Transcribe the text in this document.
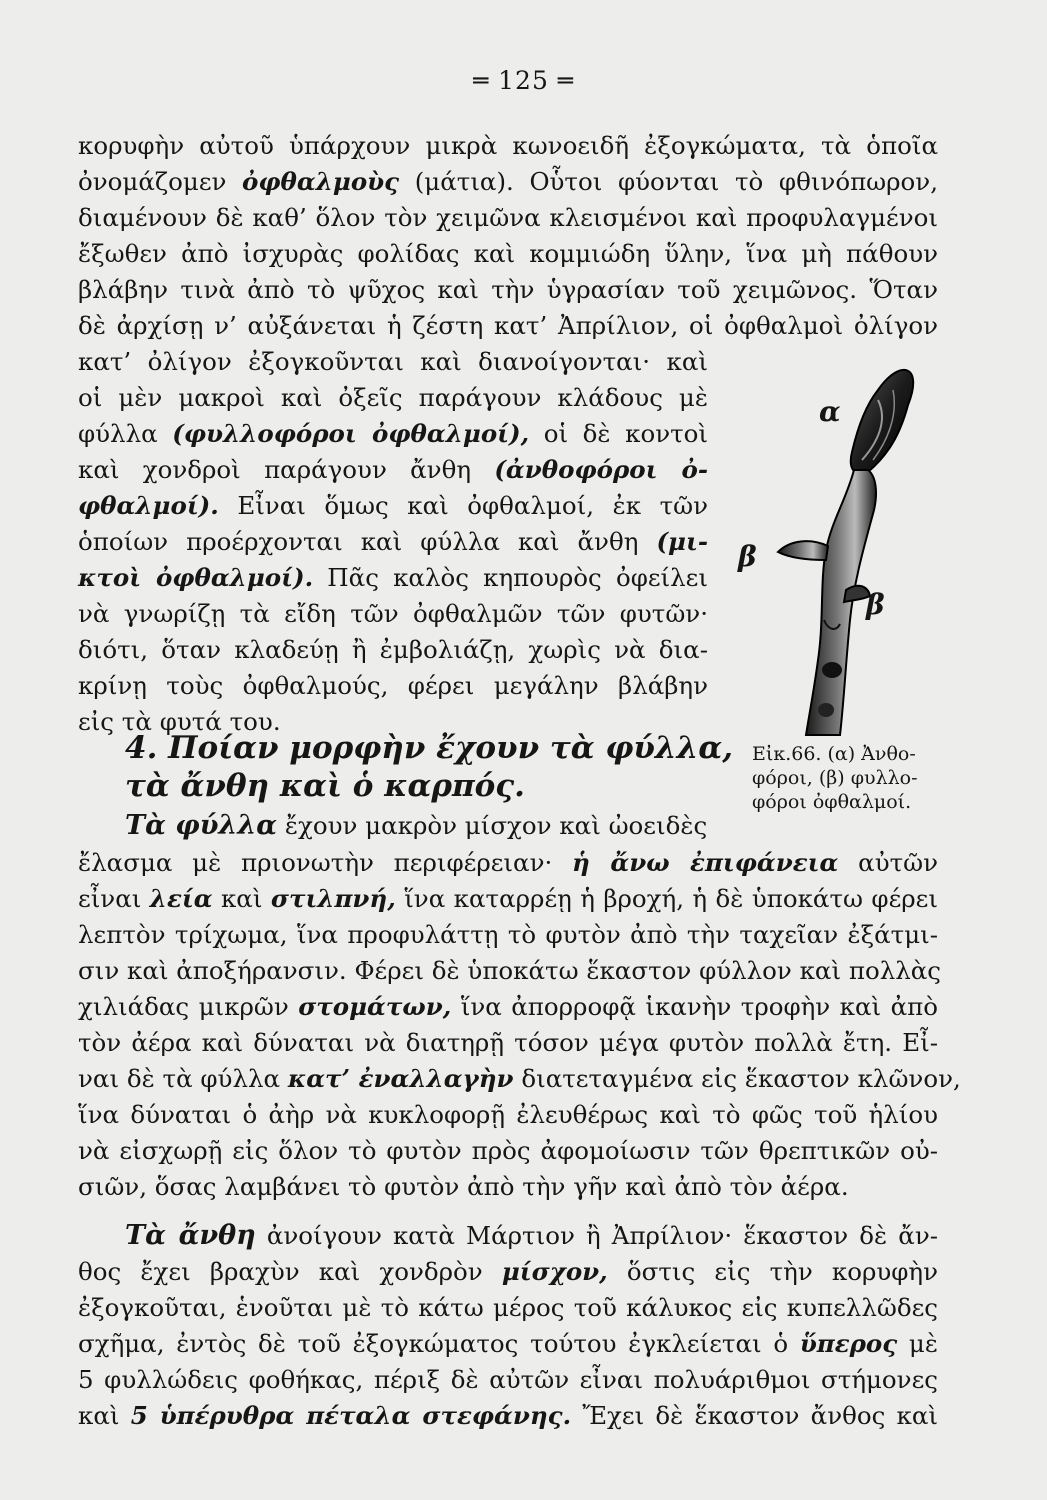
═ 125 ═
κορυφὴν αὐτοῦ ὑπάρχουν μικρὰ κωνοειδῆ ἐξογκώματα, τὰ ὁποῖα
ὀνομάζομεν ὀφθαλμοὺς (μάτια). Οὗτοι φύονται τὸ φθινόπωρον,
διαμένουν δὲ καθ’ ὅλον τὸν χειμῶνα κλεισμένοι καὶ προφυλαγμένοι
ἔξωθεν ἀπὸ ἰσχυρὰς φολίδας καὶ κομμιώδη ὕλην, ἵνα μὴ πάθουν
βλάβην τινὰ ἀπὸ τὸ ψῦχος καὶ τὴν ὑγρασίαν τοῦ χειμῶνος. Ὅταν
δὲ ἀρχίσῃ ν’ αὐξάνεται ἡ ζέστη κατ’ Ἀπρίλιον, οἱ ὀφθαλμοὶ ὀλίγον
κατ’ ὀλίγον ἐξογκοῦνται καὶ διανοίγονται· καὶ
οἱ μὲν μακροὶ καὶ ὀξεῖς παράγουν κλάδους μὲ
φύλλα (φυλλοφόροι ὀφθαλμοί), οἱ δὲ κοντοὶ
καὶ χονδροὶ παράγουν ἄνθη (ἀνθοφόροι ὀ-
φθαλμοί). Εἶναι ὅμως καὶ ὀφθαλμοί, ἐκ τῶν
ὁποίων προέρχονται καὶ φύλλα καὶ ἄνθη (μι-
κτοὶ ὀφθαλμοί). Πᾶς καλὸς κηπουρὸς ὀφείλει
νὰ γνωρίζῃ τὰ εἴδη τῶν ὀφθαλμῶν τῶν φυτῶν·
διότι, ὅταν κλαδεύῃ ἢ ἐμβολιάζῃ, χωρὶς νὰ δια-
κρίνῃ τοὺς ὀφθαλμούς, φέρει μεγάλην βλάβην
εἰς τὰ φυτά του.
α
β
β
Εἰκ.66. (α) Ἀνθο-
φόροι, (β) φυλλο-
φόροι ὀφθαλμοί.
4. Ποίαν μορφὴν ἔχουν τὰ φύλλα,
τὰ ἄνθη καὶ ὁ καρπός.
Τὰ φύλλα ἔχουν μακρὸν μίσχον καὶ ὠοειδὲς
ἔλασμα μὲ πριονωτὴν περιφέρειαν· ἡ ἄνω ἐπιφάνεια αὐτῶν
εἶναι λεία καὶ στιλπνή, ἵνα καταρρέῃ ἡ βροχή, ἡ δὲ ὑποκάτω φέρει
λεπτὸν τρίχωμα, ἵνα προφυλάττῃ τὸ φυτὸν ἀπὸ τὴν ταχεῖαν ἐξάτμι-
σιν καὶ ἀποξήρανσιν. Φέρει δὲ ὑποκάτω ἕκαστον φύλλον καὶ πολλὰς
χιλιάδας μικρῶν στομάτων, ἵνα ἀπορροφᾷ ἱκανὴν τροφὴν καὶ ἀπὸ
τὸν ἀέρα καὶ δύναται νὰ διατηρῇ τόσον μέγα φυτὸν πολλὰ ἔτη. Εἶ-
ναι δὲ τὰ φύλλα κατ’ ἐναλλαγὴν διατεταγμένα εἰς ἕκαστον κλῶνον,
ἵνα δύναται ὁ ἀὴρ νὰ κυκλοφορῇ ἐλευθέρως καὶ τὸ φῶς τοῦ ἡλίου
νὰ εἰσχωρῇ εἰς ὅλον τὸ φυτὸν πρὸς ἀφομοίωσιν τῶν θρεπτικῶν οὐ-
σιῶν, ὅσας λαμβάνει τὸ φυτὸν ἀπὸ τὴν γῆν καὶ ἀπὸ τὸν ἀέρα.
Τὰ ἄνθη ἀνοίγουν κατὰ Μάρτιον ἢ Ἀπρίλιον· ἕκαστον δὲ ἄν-
θος ἔχει βραχὺν καὶ χονδρὸν μίσχον, ὅστις εἰς τὴν κορυφὴν
ἐξογκοῦται, ἑνοῦται μὲ τὸ κάτω μέρος τοῦ κάλυκος εἰς κυπελλῶδες
σχῆμα, ἐντὸς δὲ τοῦ ἐξογκώματος τούτου ἐγκλείεται ὁ ὕπερος μὲ
5 φυλλώδεις φοθήκας, πέριξ δὲ αὐτῶν εἶναι πολυάριθμοι στήμονες
καὶ 5 ὑπέρυθρα πέταλα στεφάνης. Ἔχει δὲ ἕκαστον ἄνθος καὶ
